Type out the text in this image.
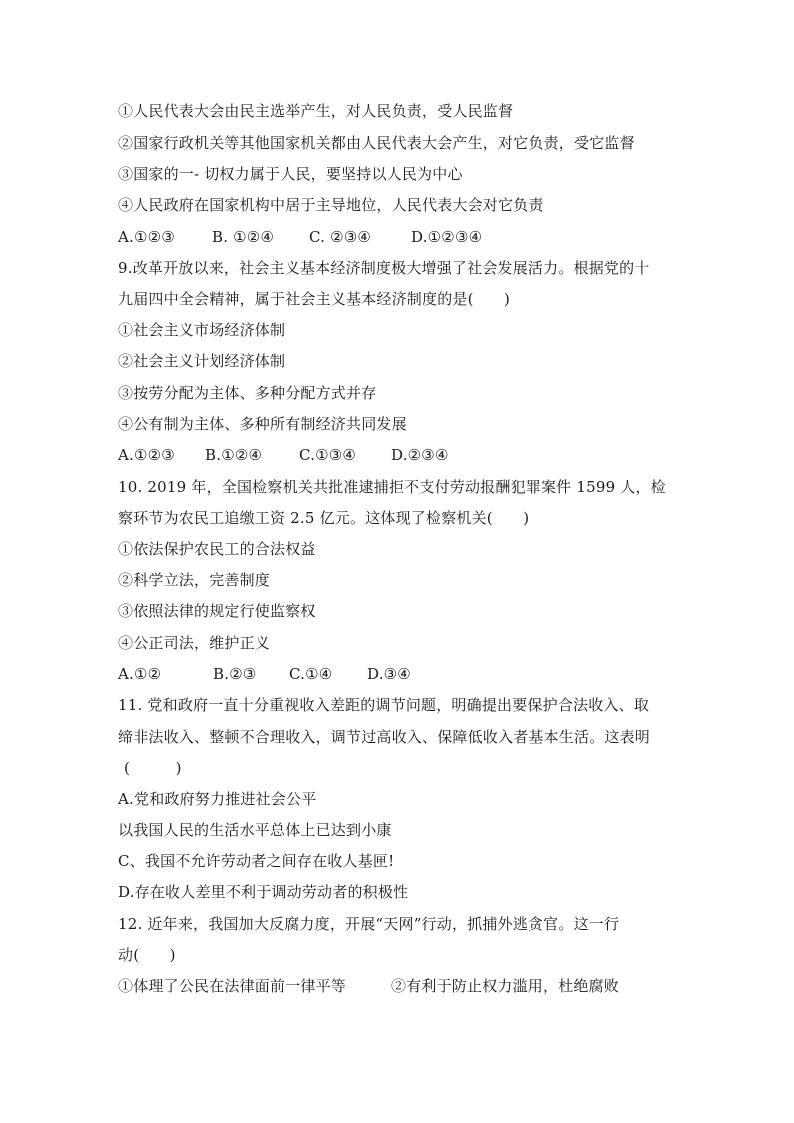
①人民代表大会由民主选举产生，对人民负责，受人民监督
②国家行政机关等其他国家机关都由人民代表大会产生，对它负责，受它监督
③国家的一- 切权力属于人民，要坚持以人民为中心
④人民政府在国家机构中居于主导地位，人民代表大会对它负责
A.①②③ B. ①②④ C. ②③④	D.①②③④
9.改革开放以来，社会主义基本经济制度极大增强了社会发展活力。根据党的十
九届四中全会精神，属于社会主义基本经济制度的是(　　)
①社会主义市场经济体制
②社会主义计划经济体制
③按劳分配为主体、多种分配方式并存
④公有制为主体、多种所有制经济共同发展
A.①②③ B.①②④ C.①③④ D.②③④
10. 2019 年，全国检察机关共批准逮捕拒不支付劳动报酬犯罪案件 1599 人，检
察环节为农民工追缴工资 2.5 亿元。这体现了检察机关(　　)
①依法保护农民工的合法权益
②科学立法，完善制度
③依照法律的规定行使监察权
④公正司法，维护正义
A.①②	B.②③ C.①④ D.③④
11. 党和政府一直十分重视收入差距的调节问题，明确提出要保护合法收入、取
缔非法收入、整顿不合理收入，调节过高收入、保障低收入者基本生活。这表明
(　　　)
A.党和政府努力推进社会公平
以我国人民的生活水平总体上已达到小康
C、我国不允许劳动者之间存在收人基匣!
D.存在收人差里不利于调动劳动者的积极性
12. 近年来，我国加大反腐力度，开展“天网”行动，抓捕外逃贪官。这一行
动(　　)
①体理了公民在法律面前一律平等	②有利于防止权力滥用，杜绝腐败
